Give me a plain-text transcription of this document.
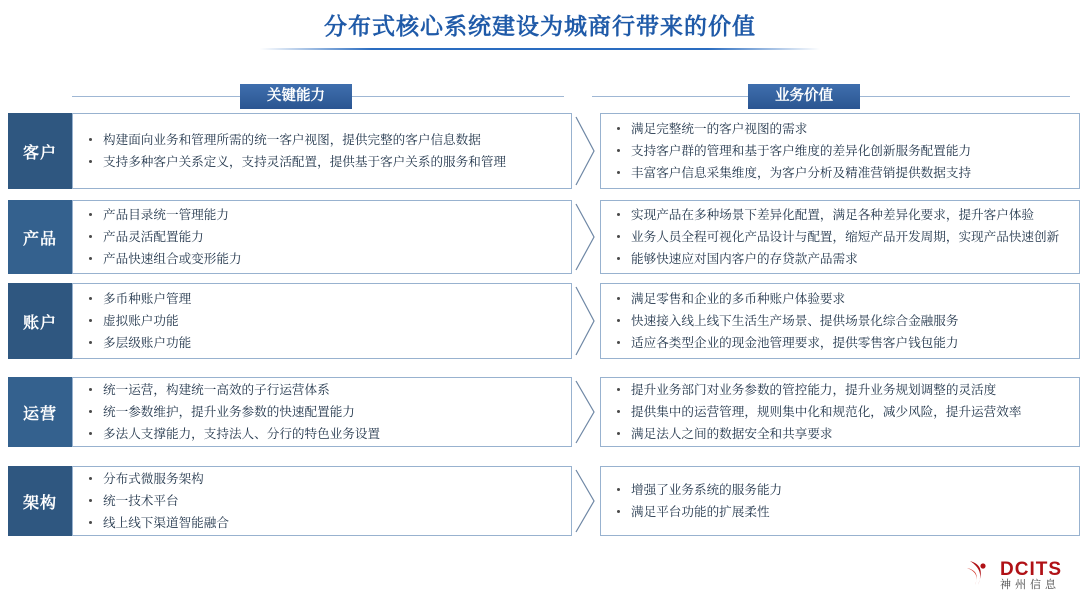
分布式核心系统建设为城商行带来的价值
关键能力	业务价值
客户
构建面向业务和管理所需的统一客户视图，提供完整的客户信息数据
支持多种客户关系定义，支持灵活配置，提供基于客户关系的服务和管理
满足完整统一的客户视图的需求
支持客户群的管理和基于客户维度的差异化创新服务配置能力
丰富客户信息采集维度，为客户分析及精准营销提供数据支持
产品
产品目录统一管理能力
产品灵活配置能力
产品快速组合或变形能力
实现产品在多种场景下差异化配置，满足各种差异化要求，提升客户体验
业务人员全程可视化产品设计与配置，缩短产品开发周期，实现产品快速创新
能够快速应对国内客户的存贷款产品需求
账户
多币种账户管理
虚拟账户功能
多层级账户功能
满足零售和企业的多币种账户体验要求
快速接入线上线下生活生产场景、提供场景化综合金融服务
适应各类型企业的现金池管理要求，提供零售客户钱包能力
运营
统一运营，构建统一高效的子行运营体系
统一参数维护，提升业务参数的快速配置能力
多法人支撑能力，支持法人、分行的特色业务设置
提升业务部门对业务参数的管控能力，提升业务规划调整的灵活度
提供集中的运营管理，规则集中化和规范化，减少风险，提升运营效率
满足法人之间的数据安全和共享要求
架构
分布式微服务架构
统一技术平台
线上线下渠道智能融合
增强了业务系统的服务能力
满足平台功能的扩展柔性
DCITS
神州信息
